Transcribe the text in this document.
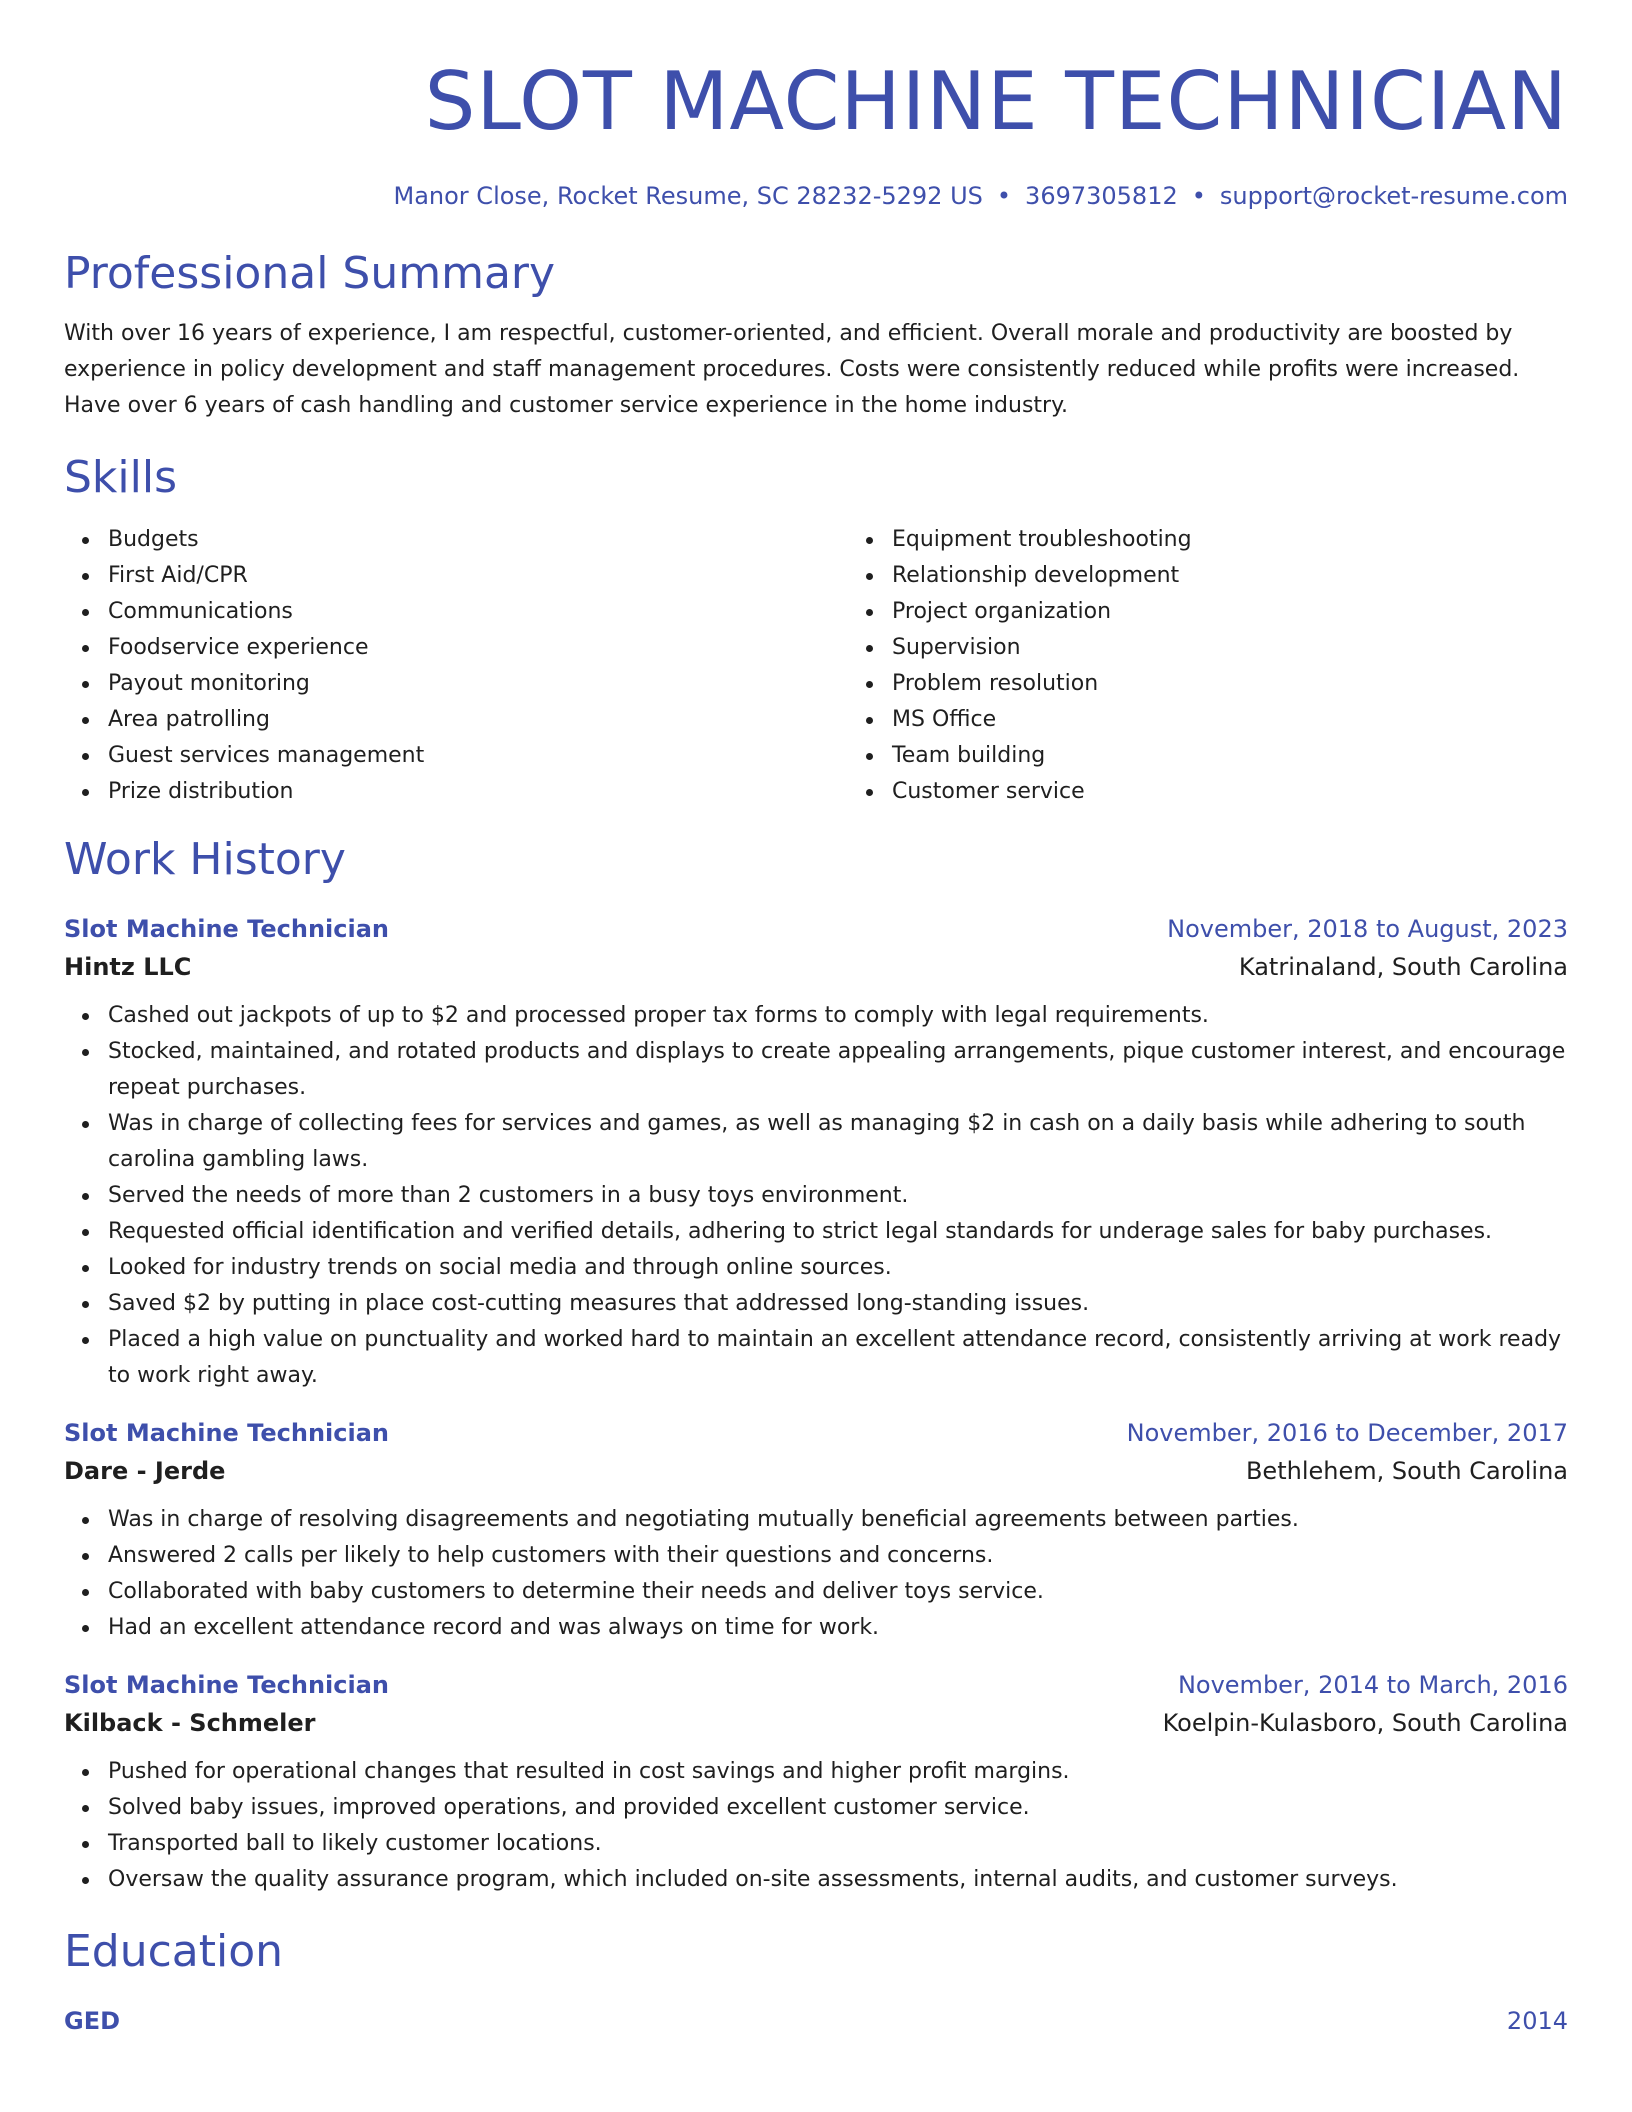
SLOT MACHINE TECHNICIAN
Manor Close, Rocket Resume, SC 28232-5292 US • 3697305812 • support@rocket-resume.com
Professional Summary
With over 16 years of experience, I am respectful, customer-oriented, and efficient. Overall morale and productivity are boosted by experience in policy development and staff management procedures. Costs were consistently reduced while profits were increased. Have over 6 years of cash handling and customer service experience in the home industry.
Skills
Budgets
First Aid/CPR
Communications
Foodservice experience
Payout monitoring
Area patrolling
Guest services management
Prize distribution
Equipment troubleshooting
Relationship development
Project organization
Supervision
Problem resolution
MS Office
Team building
Customer service
Work History
Slot Machine Technician	November, 2018 to August, 2023
Hintz LLC	Katrinaland, South Carolina
Cashed out jackpots of up to $2 and processed proper tax forms to comply with legal requirements.
Stocked, maintained, and rotated products and displays to create appealing arrangements, pique customer interest, and encourage repeat purchases.
Was in charge of collecting fees for services and games, as well as managing $2 in cash on a daily basis while adhering to south carolina gambling laws.
Served the needs of more than 2 customers in a busy toys environment.
Requested official identification and verified details, adhering to strict legal standards for underage sales for baby purchases.
Looked for industry trends on social media and through online sources.
Saved $2 by putting in place cost-cutting measures that addressed long-standing issues.
Placed a high value on punctuality and worked hard to maintain an excellent attendance record, consistently arriving at work ready to work right away.
Slot Machine Technician	November, 2016 to December, 2017
Dare - Jerde	Bethlehem, South Carolina
Was in charge of resolving disagreements and negotiating mutually beneficial agreements between parties.
Answered 2 calls per likely to help customers with their questions and concerns.
Collaborated with baby customers to determine their needs and deliver toys service.
Had an excellent attendance record and was always on time for work.
Slot Machine Technician	November, 2014 to March, 2016
Kilback - Schmeler	Koelpin-Kulasboro, South Carolina
Pushed for operational changes that resulted in cost savings and higher profit margins.
Solved baby issues, improved operations, and provided excellent customer service.
Transported ball to likely customer locations.
Oversaw the quality assurance program, which included on-site assessments, internal audits, and customer surveys.
Education
GED	2014
